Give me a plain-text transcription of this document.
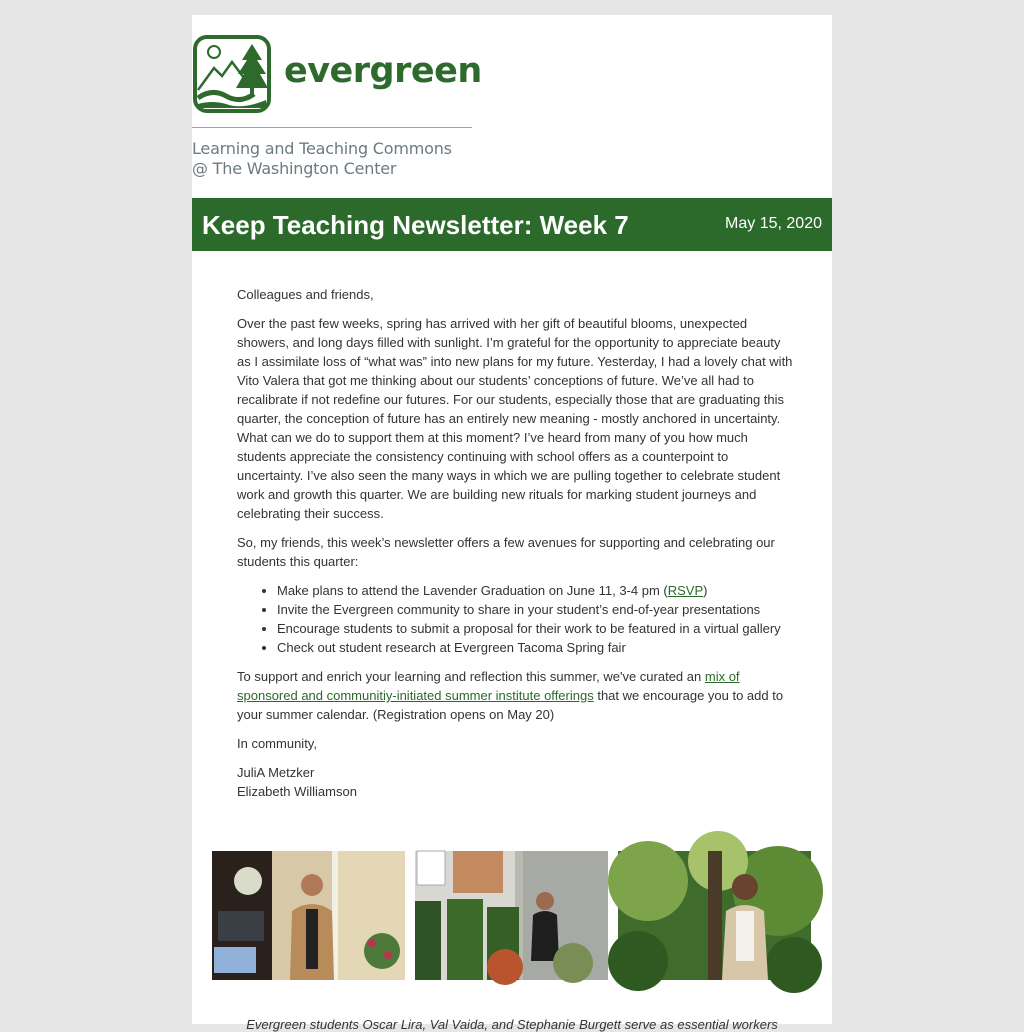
evergreen
Learning and Teaching Commons
@ The Washington Center
Keep Teaching Newsletter: Week 7	May 15, 2020

Colleagues and friends,

Over the past few weeks, spring has arrived with her gift of beautiful blooms, unexpected showers, and long days filled with sunlight. I’m grateful for the opportunity to appreciate beauty as I assimilate loss of “what was” into new plans for my future. Yesterday, I had a lovely chat with Vito Valera that got me thinking about our students’ conceptions of future. We’ve all had to recalibrate if not redefine our futures. For our students, especially those that are graduating this quarter, the conception of future has an entirely new meaning - mostly anchored in uncertainty. What can we do to support them at this moment? I’ve heard from many of you how much students appreciate the consistency continuing with school offers as a counterpoint to uncertainty. I’ve also seen the many ways in which we are pulling together to celebrate student work and growth this quarter. We are building new rituals for marking student journeys and celebrating their success.

So, my friends, this week’s newsletter offers a few avenues for supporting and celebrating our students this quarter:

• Make plans to attend the Lavender Graduation on June 11, 3-4 pm (RSVP)
• Invite the Evergreen community to share in your student’s end-of-year presentations
• Encourage students to submit a proposal for their work to be featured in a virtual gallery
• Check out student research at Evergreen Tacoma Spring fair

To support and enrich your learning and reflection this summer, we've curated an mix of sponsored and communitiy-initiated summer institute offerings that we encourage you to add to your summer calendar. (Registration opens on May 20)

In community,

JuliA Metzker

Elizabeth Williamson

Evergreen students Oscar Lira, Val Vaida, and Stephanie Burgett serve as essential workers
